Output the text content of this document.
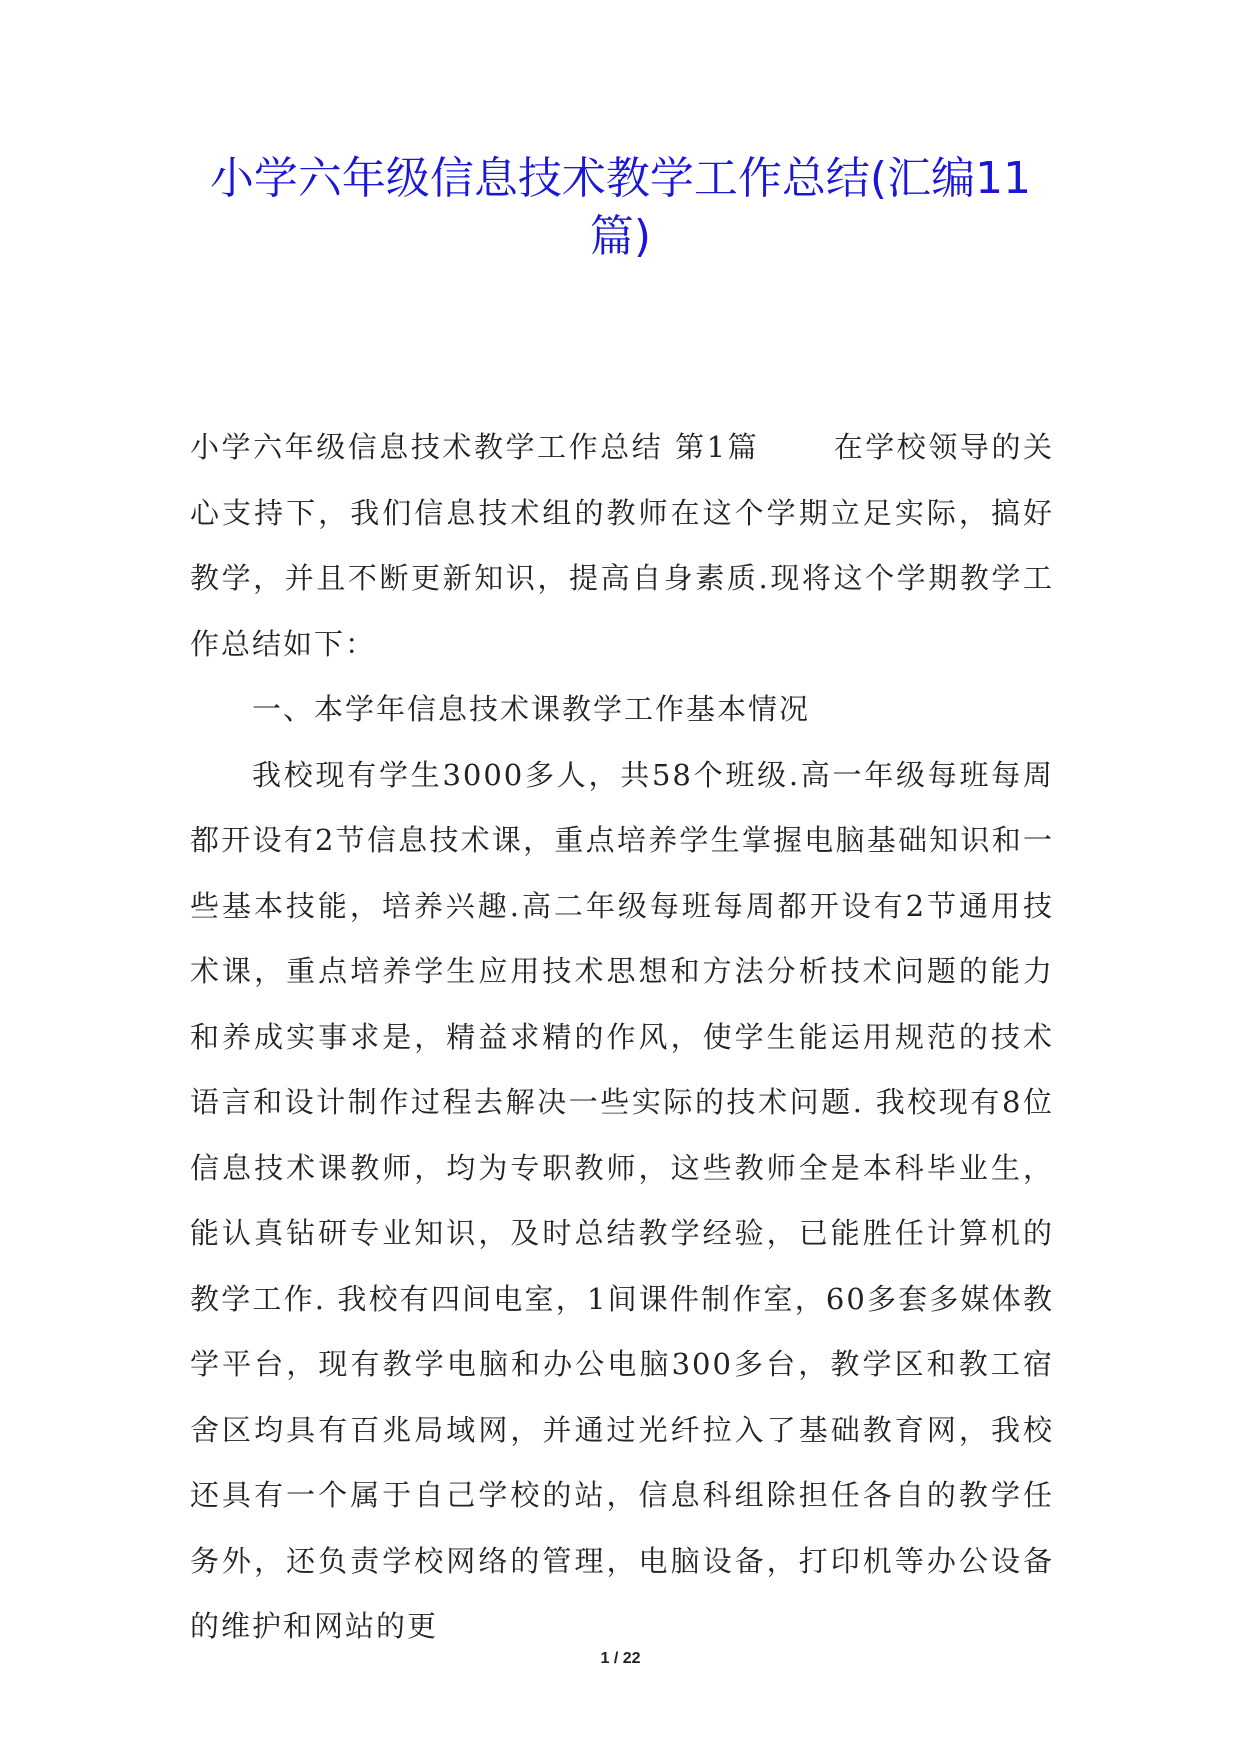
小学六年级信息技术教学工作总结(汇编11
篇)

小学六年级信息技术教学工作总结 第1篇	在学校领导的关心支持下，我们信息技术组的教师在这个学期立足实际，搞好教学，并且不断更新知识，提高自身素质.现将这个学期教学工作总结如下：

一、本学年信息技术课教学工作基本情况

我校现有学生3000多人，共58个班级.高一年级每班每周都开设有2节信息技术课，重点培养学生掌握电脑基础知识和一些基本技能，培养兴趣.高二年级每班每周都开设有2节通用技术课，重点培养学生应用技术思想和方法分析技术问题的能力和养成实事求是，精益求精的作风，使学生能运用规范的技术语言和设计制作过程去解决一些实际的技术问题. 我校现有8位信息技术课教师，均为专职教师，这些教师全是本科毕业生，能认真钻研专业知识，及时总结教学经验，已能胜任计算机的教学工作. 我校有四间电室，1间课件制作室，60多套多媒体教学平台，现有教学电脑和办公电脑300多台，教学区和教工宿舍区均具有百兆局域网，并通过光纤拉入了基础教育网，我校还具有一个属于自己学校的站，信息科组除担任各自的教学任务外，还负责学校网络的管理，电脑设备，打印机等办公设备的维护和网站的更

1 / 22
